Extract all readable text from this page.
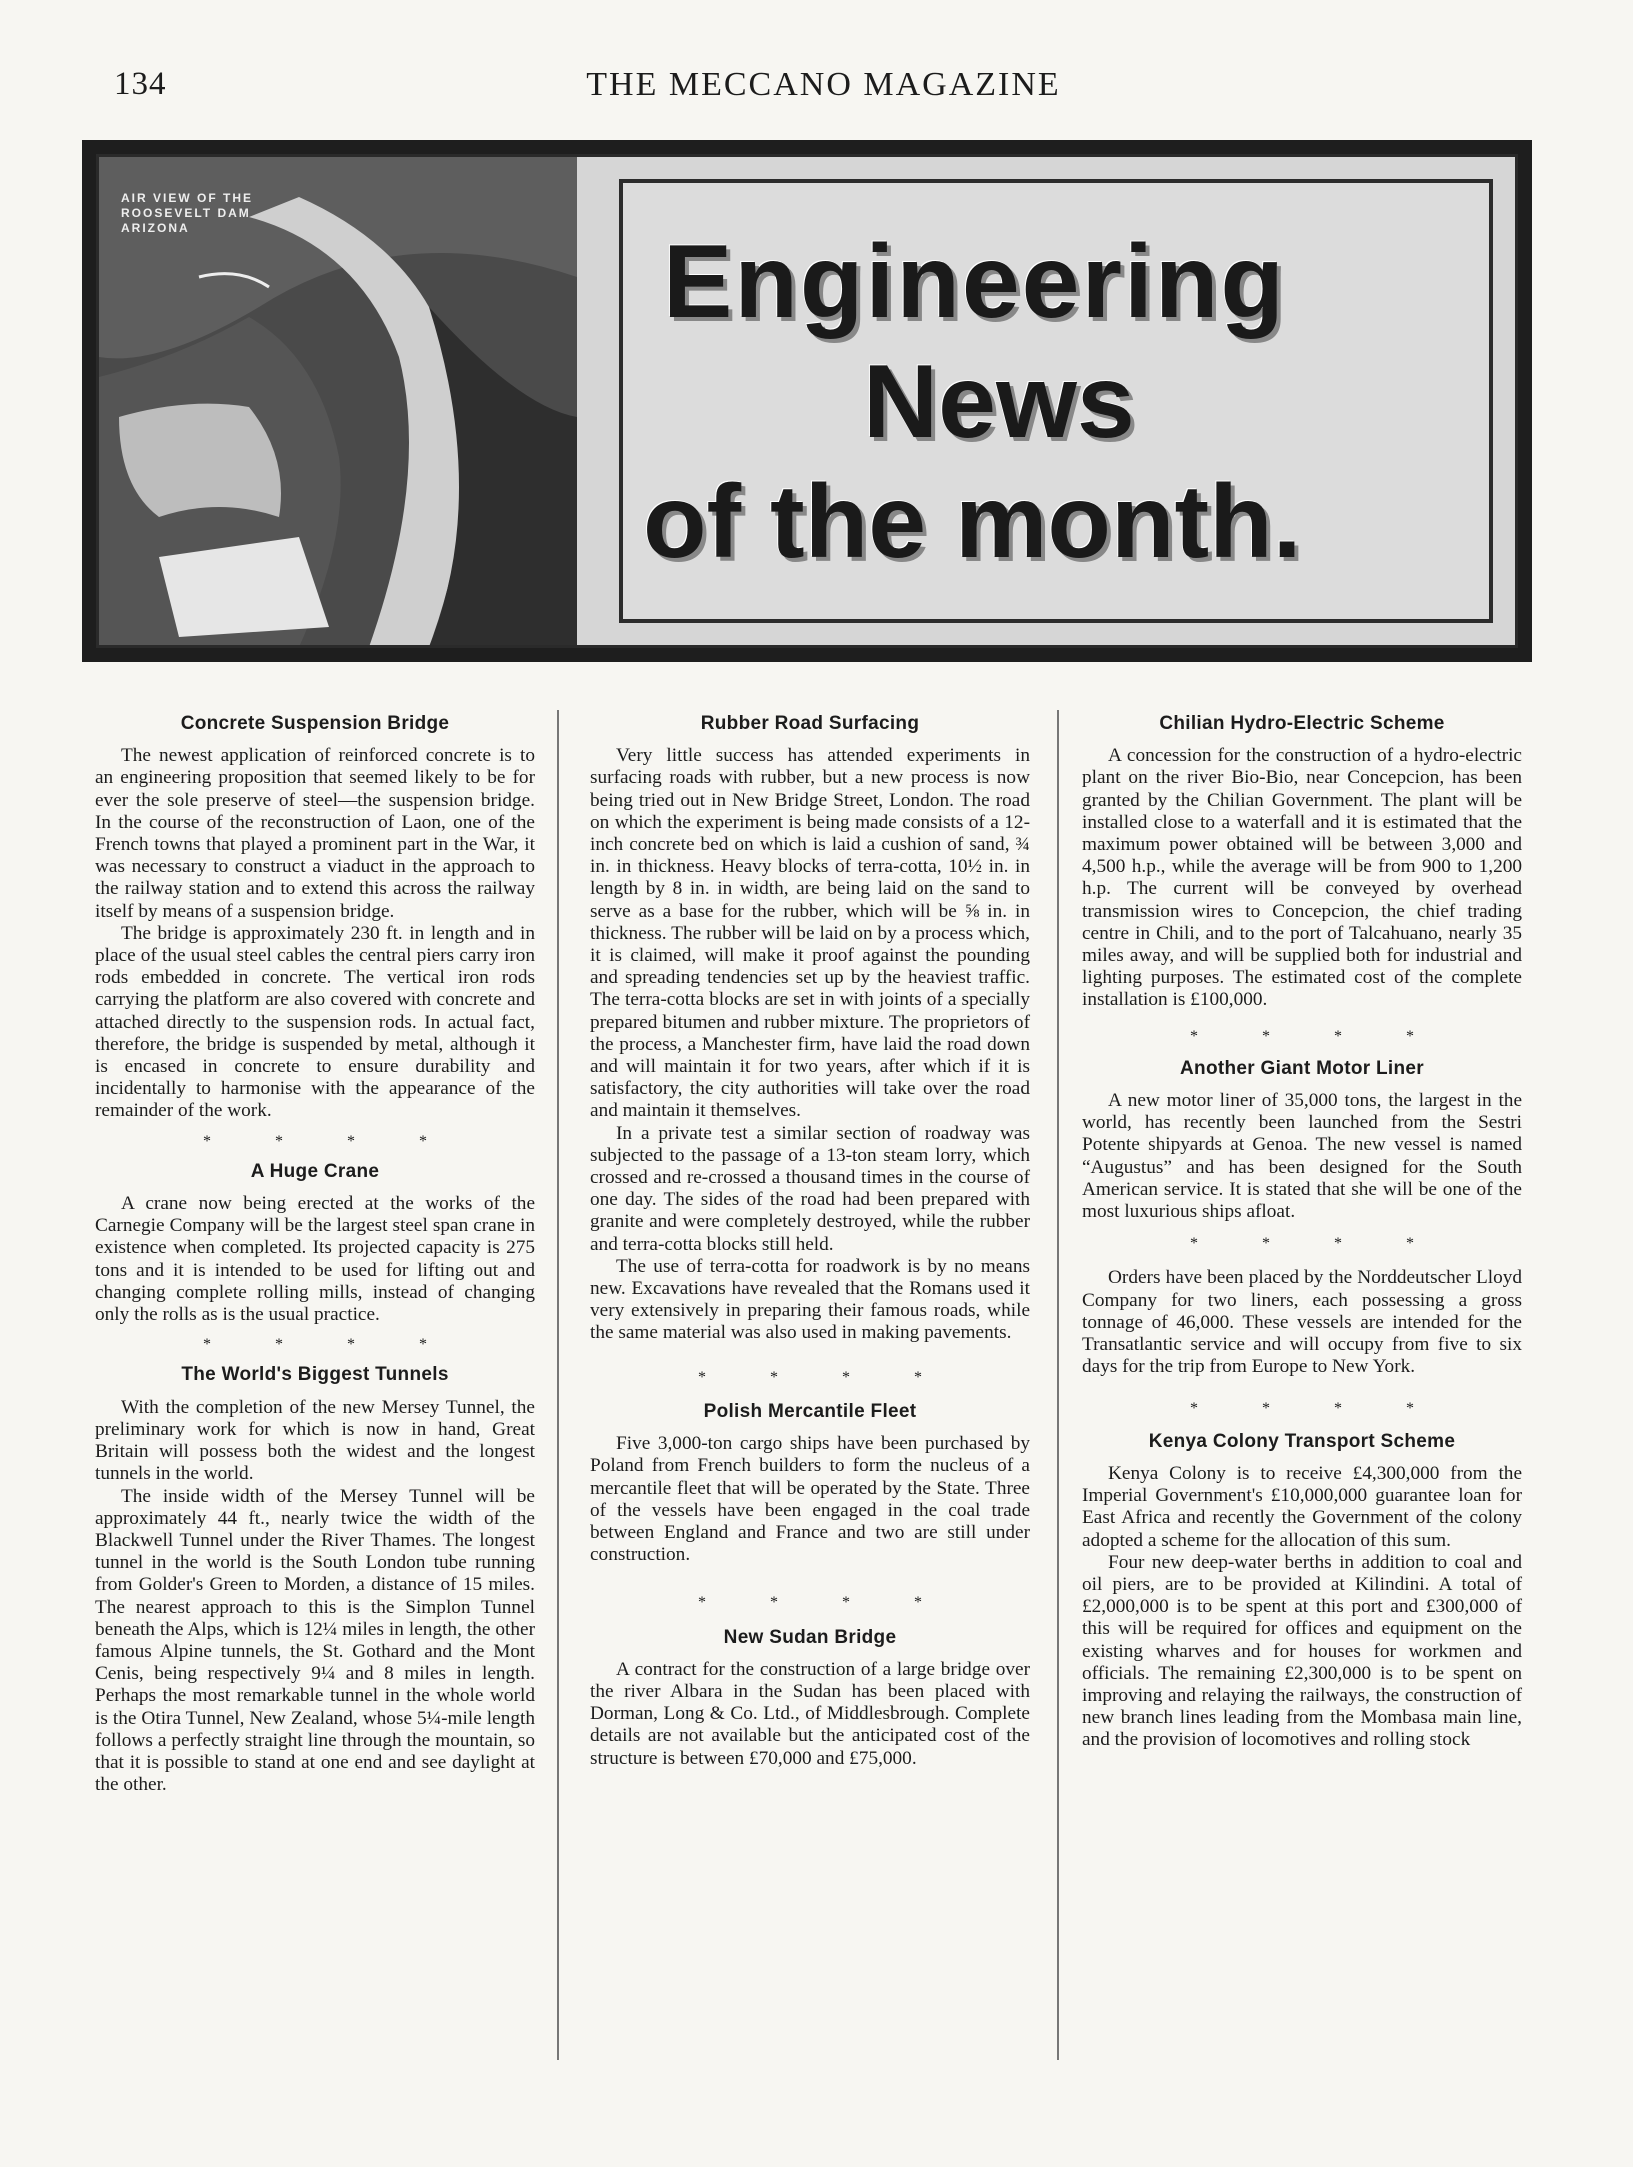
134	THE MECCANO MAGAZINE
AIR VIEW OF THE
ROOSEVELT DAM
ARIZONA	Engineering
News
of the month.
Concrete Suspension Bridge

The newest application of reinforced concrete is to an engineering proposition that seemed likely to be for ever the sole preserve of steel—the suspension bridge. In the course of the reconstruction of Laon, one of the French towns that played a prominent part in the War, it was necessary to construct a viaduct in the approach to the railway station and to extend this across the railway itself by means of a suspension bridge.

The bridge is approximately 230 ft. in length and in place of the usual steel cables the central piers carry iron rods embedded in concrete. The vertical iron rods carrying the platform are also covered with concrete and attached directly to the suspension rods. In actual fact, therefore, the bridge is suspended by metal, although it is encased in concrete to ensure durability and incidentally to harmonise with the appearance of the remainder of the work.

* * * *
A Huge Crane

A crane now being erected at the works of the Carnegie Company will be the largest steel span crane in existence when completed. Its projected capacity is 275 tons and it is intended to be used for lifting out and changing complete rolling mills, instead of changing only the rolls as is the usual practice.

* * * *
The World's Biggest Tunnels

With the completion of the new Mersey Tunnel, the preliminary work for which is now in hand, Great Britain will possess both the widest and the longest tunnels in the world.

The inside width of the Mersey Tunnel will be approximately 44 ft., nearly twice the width of the Blackwell Tunnel under the River Thames. The longest tunnel in the world is the South London tube running from Golder's Green to Morden, a distance of 15 miles. The nearest approach to this is the Simplon Tunnel beneath the Alps, which is 12¼ miles in length, the other famous Alpine tunnels, the St. Gothard and the Mont Cenis, being respectively 9¼ and 8 miles in length. Perhaps the most remarkable tunnel in the whole world is the Otira Tunnel, New Zealand, whose 5¼-mile length follows a perfectly straight line through the mountain, so that it is possible to stand at one end and see daylight at the other.

Rubber Road Surfacing

Very little success has attended experiments in surfacing roads with rubber, but a new process is now being tried out in New Bridge Street, London. The road on which the experiment is being made consists of a 12-inch concrete bed on which is laid a cushion of sand, ¾ in. in thickness. Heavy blocks of terra-cotta, 10½ in. in length by 8 in. in width, are being laid on the sand to serve as a base for the rubber, which will be ⅝ in. in thickness. The rubber will be laid on by a process which, it is claimed, will make it proof against the pounding and spreading tendencies set up by the heaviest traffic. The terra-cotta blocks are set in with joints of a specially prepared bitumen and rubber mixture. The proprietors of the process, a Manchester firm, have laid the road down and will maintain it for two years, after which if it is satisfactory, the city authorities will take over the road and maintain it themselves.

In a private test a similar section of roadway was subjected to the passage of a 13-ton steam lorry, which crossed and re-crossed a thousand times in the course of one day. The sides of the road had been prepared with granite and were completely destroyed, while the rubber and terra-cotta blocks still held.

The use of terra-cotta for roadwork is by no means new. Excavations have revealed that the Romans used it very extensively in preparing their famous roads, while the same material was also used in making pavements.

* * * *
Polish Mercantile Fleet

Five 3,000-ton cargo ships have been purchased by Poland from French builders to form the nucleus of a mercantile fleet that will be operated by the State. Three of the vessels have been engaged in the coal trade between England and France and two are still under construction.

* * * *
New Sudan Bridge

A contract for the construction of a large bridge over the river Albara in the Sudan has been placed with Dorman, Long & Co. Ltd., of Middlesbrough. Complete details are not available but the anticipated cost of the structure is between £70,000 and £75,000.

Chilian Hydro-Electric Scheme

A concession for the construction of a hydro-electric plant on the river Bio-Bio, near Concepcion, has been granted by the Chilian Government. The plant will be installed close to a waterfall and it is estimated that the maximum power obtained will be between 3,000 and 4,500 h.p., while the average will be from 900 to 1,200 h.p. The current will be conveyed by overhead transmission wires to Concepcion, the chief trading centre in Chili, and to the port of Talcahuano, nearly 35 miles away, and will be supplied both for industrial and lighting purposes. The estimated cost of the complete installation is £100,000.

* * * *
Another Giant Motor Liner

A new motor liner of 35,000 tons, the largest in the world, has recently been launched from the Sestri Potente shipyards at Genoa. The new vessel is named “Augustus” and has been designed for the South American service. It is stated that she will be one of the most luxurious ships afloat.

* * * *

Orders have been placed by the Norddeutscher Lloyd Company for two liners, each possessing a gross tonnage of 46,000. These vessels are intended for the Transatlantic service and will occupy from five to six days for the trip from Europe to New York.

* * * *
Kenya Colony Transport Scheme

Kenya Colony is to receive £4,300,000 from the Imperial Government's £10,000,000 guarantee loan for East Africa and recently the Government of the colony adopted a scheme for the allocation of this sum.

Four new deep-water berths in addition to coal and oil piers, are to be provided at Kilindini. A total of £2,000,000 is to be spent at this port and £300,000 of this will be required for offices and equipment on the existing wharves and for houses for workmen and officials. The remaining £2,300,000 is to be spent on improving and relaying the railways, the construction of new branch lines leading from the Mombasa main line, and the provision of locomotives and rolling stock
